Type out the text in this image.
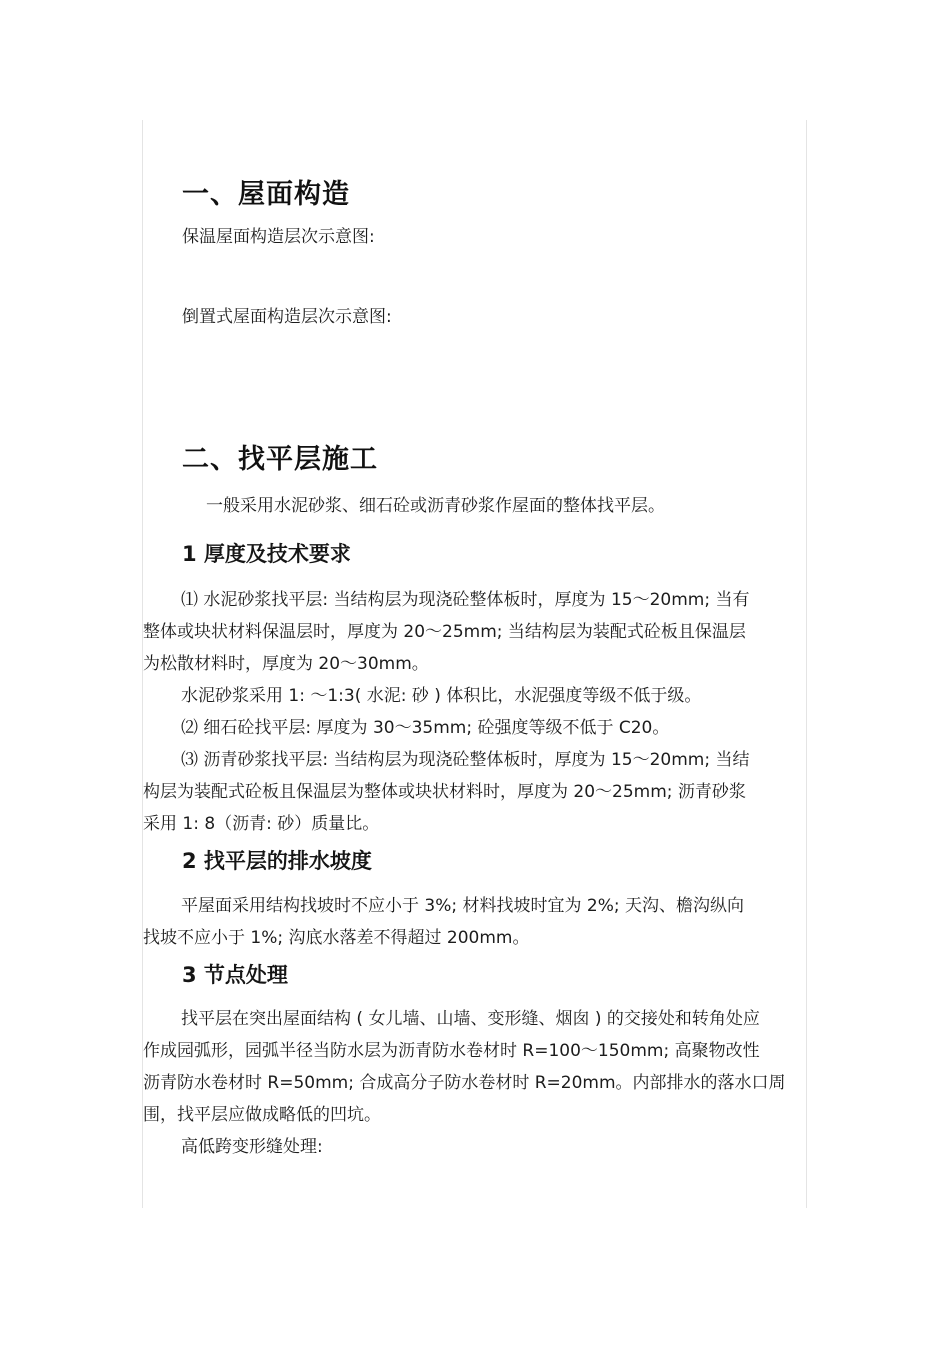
一、屋面构造

保温屋面构造层次示意图:

倒置式屋面构造层次示意图:

二、找平层施工

一般采用水泥砂浆、细石砼或沥青砂浆作屋面的整体找平层。

1 厚度及技术要求
⑴ 水泥砂浆找平层: 当结构层为现浇砼整体板时，厚度为 15～20mm; 当有
整体或块状材料保温层时，厚度为 20～25mm; 当结构层为装配式砼板且保温层
为松散材料时，厚度为 20～30mm。
水泥砂浆采用 1: ～1:3( 水泥: 砂 ) 体积比，水泥强度等级不低于级。
⑵ 细石砼找平层: 厚度为 30～35mm; 砼强度等级不低于 C20。
⑶ 沥青砂浆找平层: 当结构层为现浇砼整体板时，厚度为 15～20mm; 当结
构层为装配式砼板且保温层为整体或块状材料时，厚度为 20～25mm; 沥青砂浆
采用 1: 8（沥青: 砂）质量比。
2 找平层的排水坡度
平屋面采用结构找坡时不应小于 3%; 材料找坡时宜为 2%; 天沟、檐沟纵向
找坡不应小于 1%; 沟底水落差不得超过 200mm。
3 节点处理
找平层在突出屋面结构 ( 女儿墙、山墙、变形缝、烟囱 ) 的交接处和转角处应
作成园弧形，园弧半径当防水层为沥青防水卷材时 R=100～150mm; 高聚物改性
沥青防水卷材时 R=50mm; 合成高分子防水卷材时 R=20mm。内部排水的落水口周
围，找平层应做成略低的凹坑。
高低跨变形缝处理:
